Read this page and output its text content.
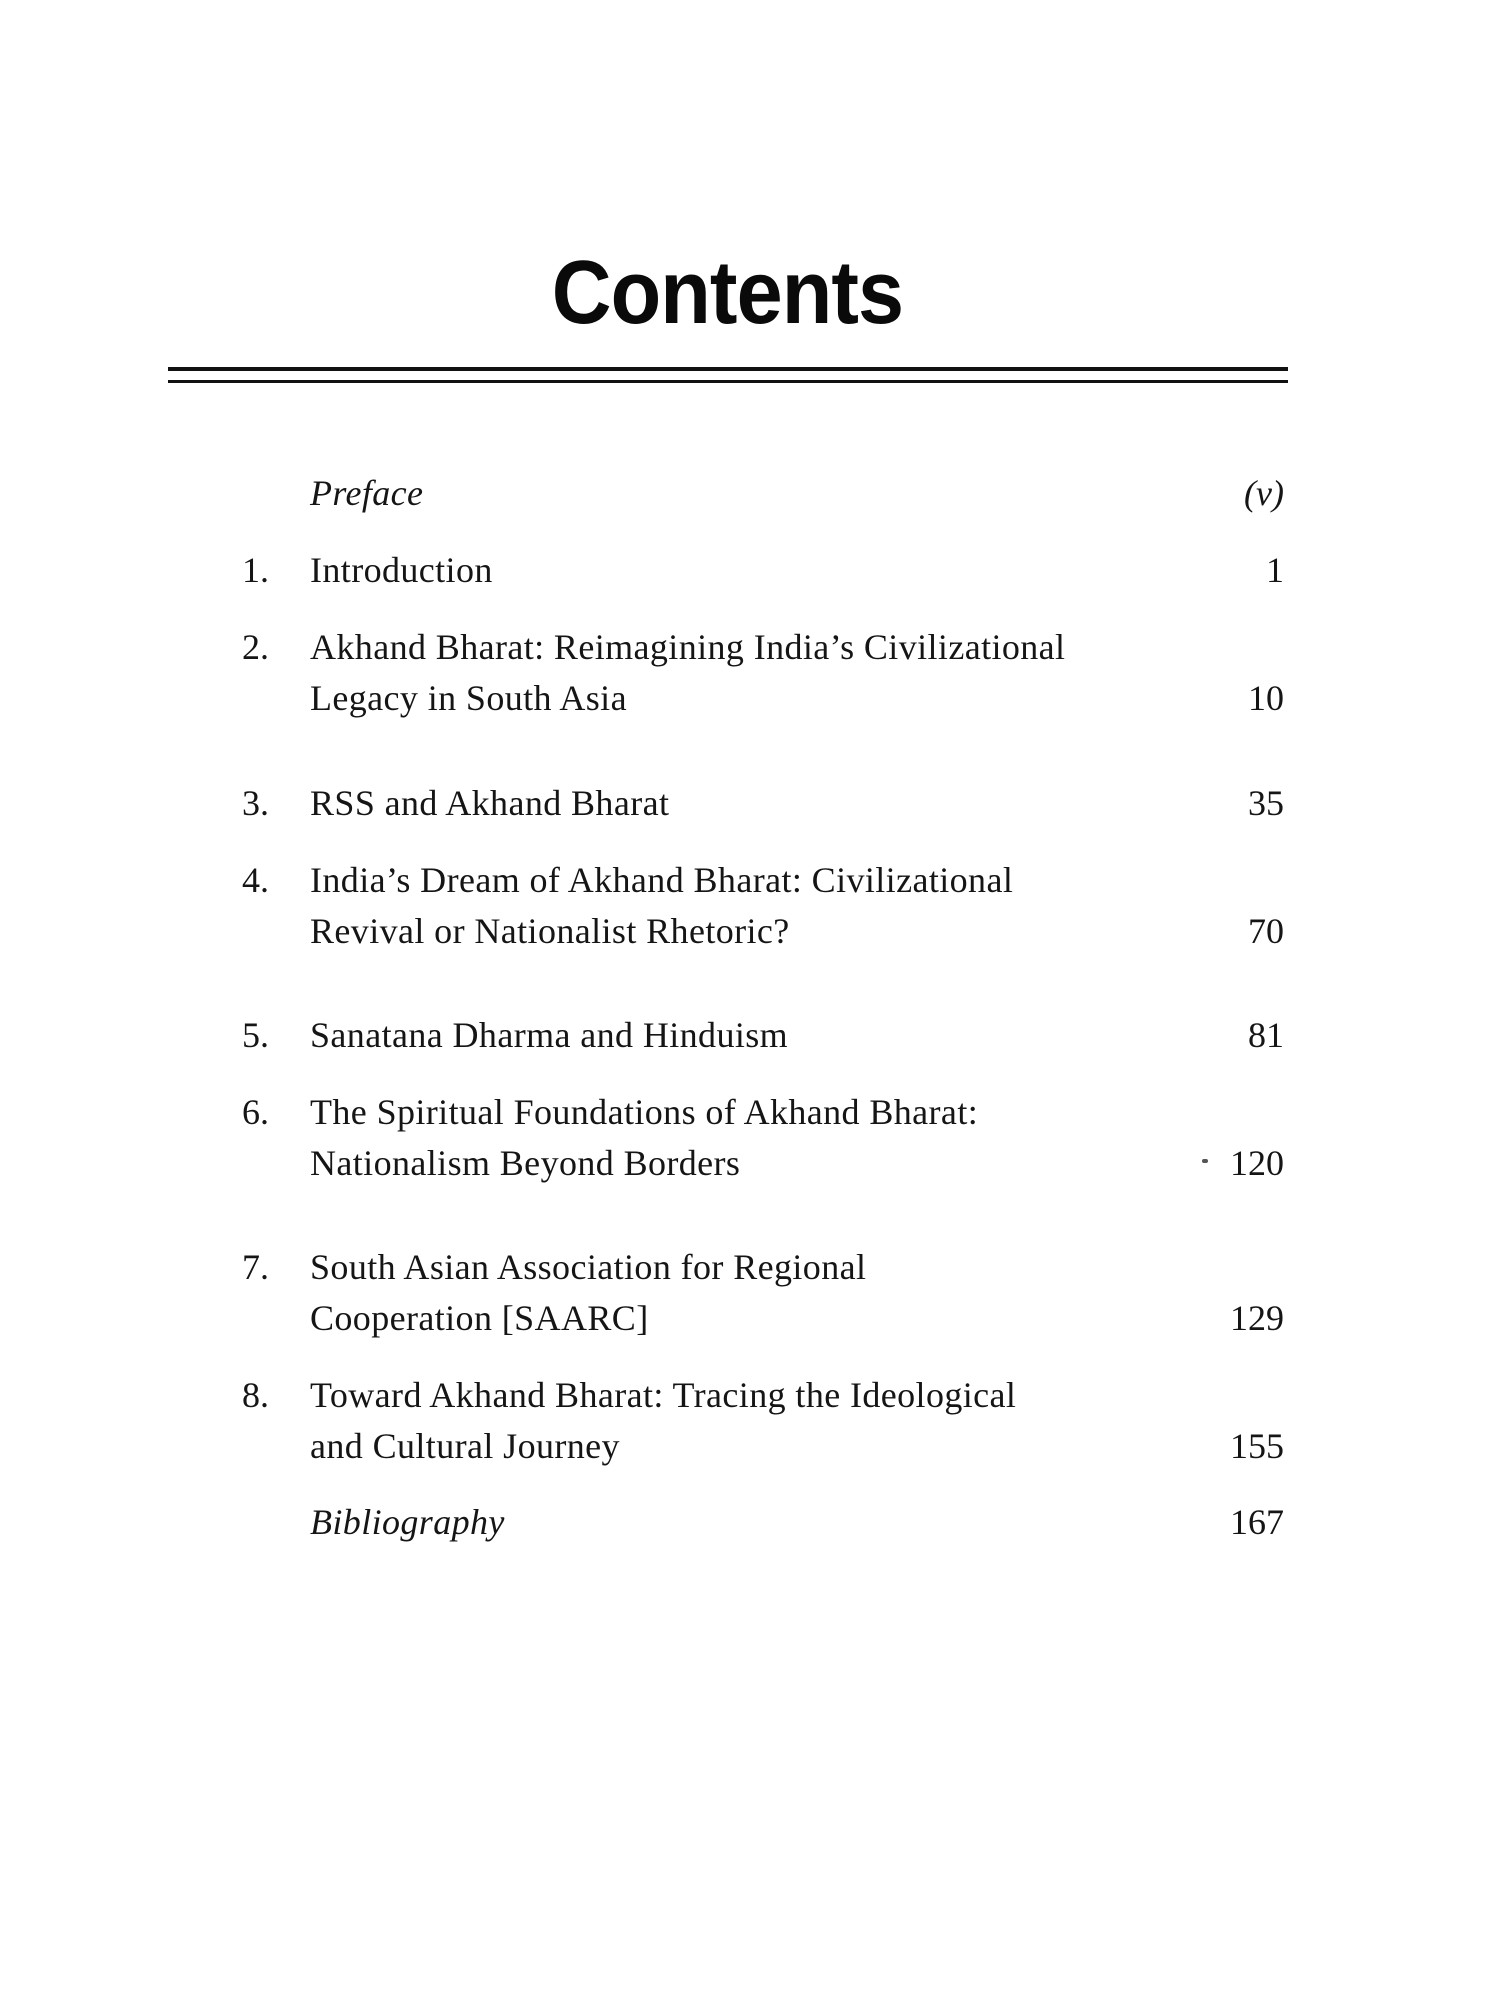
Contents
Preface	(v)
1. Introduction	1
2. Akhand Bharat: Reimagining India’s Civilizational
Legacy in South Asia	10
3. RSS and Akhand Bharat	35
4. India’s Dream of Akhand Bharat: Civilizational
Revival or Nationalist Rhetoric?	70
5. Sanatana Dharma and Hinduism	81
6. The Spiritual Foundations of Akhand Bharat:
Nationalism Beyond Borders	120
7. South Asian Association for Regional
Cooperation [SAARC]	129
8. Toward Akhand Bharat: Tracing the Ideological
and Cultural Journey	155
Bibliography	167
